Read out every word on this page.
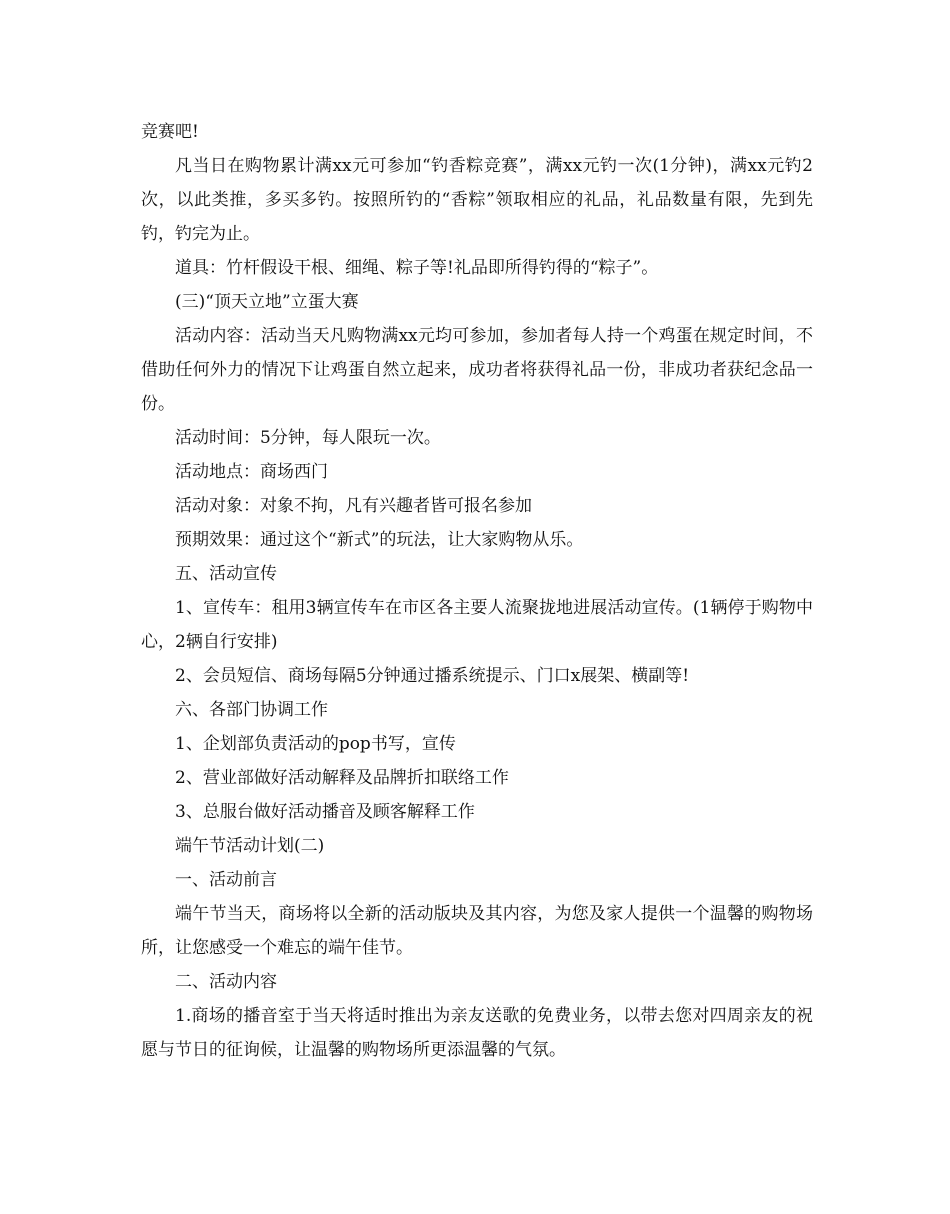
竞赛吧!

凡当日在购物累计满xx元可参加“钓香粽竞赛”，满xx元钓一次(1分钟)，满xx元钓2次，以此类推，多买多钓。按照所钓的“香粽”领取相应的礼品，礼品数量有限，先到先钓，钓完为止。

道具：竹杆假设干根、细绳、粽子等!礼品即所得钓得的“粽子”。

(三)“顶天立地”立蛋大赛

活动内容：活动当天凡购物满xx元均可参加，参加者每人持一个鸡蛋在规定时间，不借助任何外力的情况下让鸡蛋自然立起来，成功者将获得礼品一份，非成功者获纪念品一份。

活动时间：5分钟，每人限玩一次。

活动地点：商场西门

活动对象：对象不拘，凡有兴趣者皆可报名参加

预期效果：通过这个“新式”的玩法，让大家购物从乐。

五、活动宣传

1、宣传车：租用3辆宣传车在市区各主要人流聚拢地进展活动宣传。(1辆停于购物中心，2辆自行安排)

2、会员短信、商场每隔5分钟通过播系统提示、门口x展架、横副等!

六、各部门协调工作

1、企划部负责活动的pop书写，宣传

2、营业部做好活动解释及品牌折扣联络工作

3、总服台做好活动播音及顾客解释工作

端午节活动计划(二)

一、活动前言

端午节当天，商场将以全新的活动版块及其内容，为您及家人提供一个温馨的购物场所，让您感受一个难忘的端午佳节。

二、活动内容

1.商场的播音室于当天将适时推出为亲友送歌的免费业务，以带去您对四周亲友的祝愿与节日的征询候，让温馨的购物场所更添温馨的气氛。
